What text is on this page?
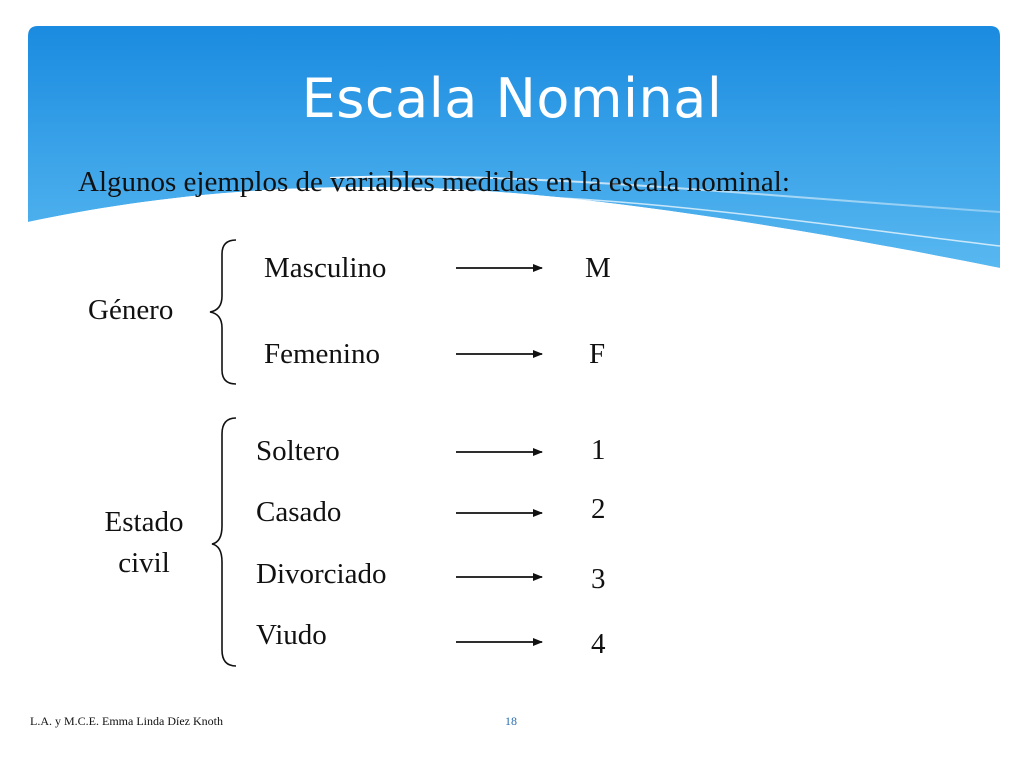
Escala Nominal
Algunos ejemplos de variables medidas en la escala nominal:
Género
Masculino	M
Femenino	F
Estado
civil
Soltero	1
Casado	2
Divorciado	3
Viudo	4
L.A. y M.C.E. Emma Linda Díez Knoth	18
